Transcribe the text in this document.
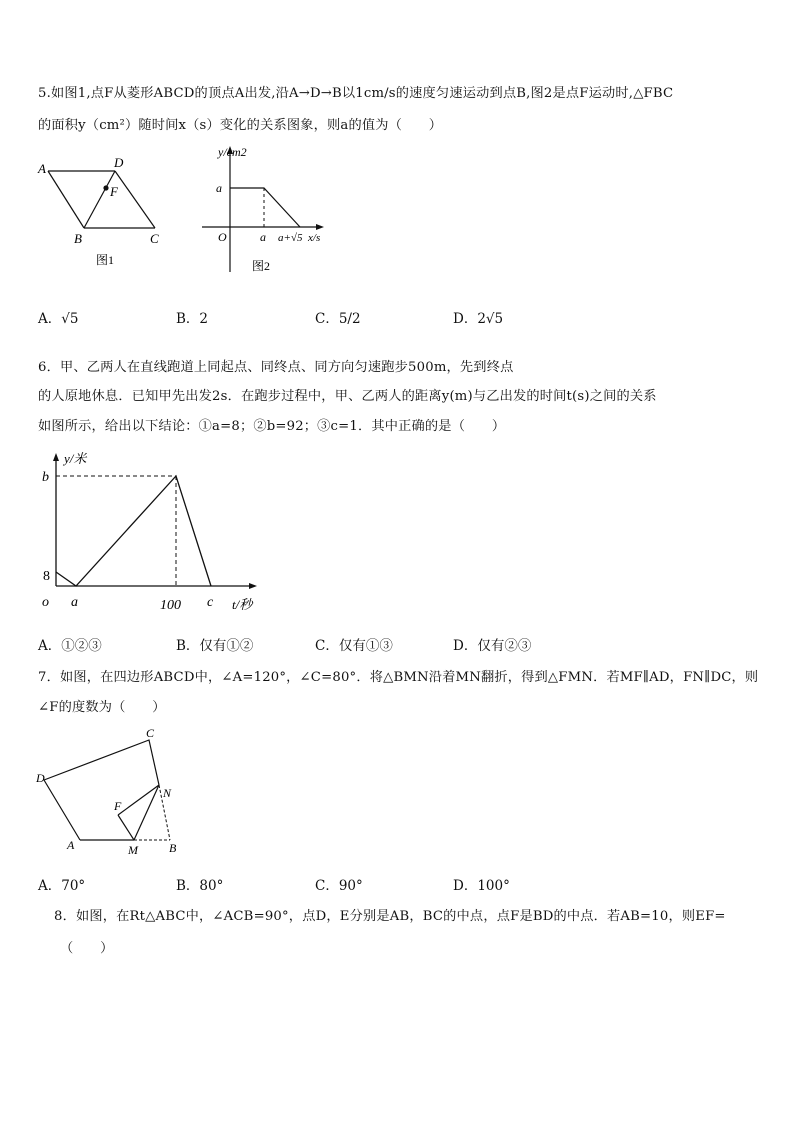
5.如图1,点F从菱形ABCD的顶点A出发,沿A→D→B以1cm/s的速度匀速运动到点B,图2是点F运动时,△FBC
的面积y（cm²）随时间x（s）变化的关系图象，则a的值为（　　）
A	D
F
B	C
图1
y/cm2
a
O	a a+√5 x/s
图2
A．√5	B．2	C．5/2	D．2√5
6．甲、乙两人在直线跑道上同起点、同终点、同方向匀速跑步500m，先到终点
的人原地休息．已知甲先出发2s．在跑步过程中，甲、乙两人的距离y(m)与乙出发的时间t(s)之间的关系
如图所示，给出以下结论：①a=8；②b=92；③c=1．其中正确的是（　　）
y/米
b
8
o a	100 c t/秒
A．①②③	B．仅有①②	C．仅有①③	D．仅有②③
7．如图，在四边形ABCD中，∠A=120°，∠C=80°．将△BMN沿着MN翻折，得到△FMN．若MF∥AD，FN∥DC，则
∠F的度数为（　　）
C
D
F
N
A	M	B
A．70°	B．80°	C．90°	D．100°
8．如图，在Rt△ABC中，∠ACB=90°，点D，E分别是AB，BC的中点，点F是BD的中点．若AB=10，则EF=
（　　）
